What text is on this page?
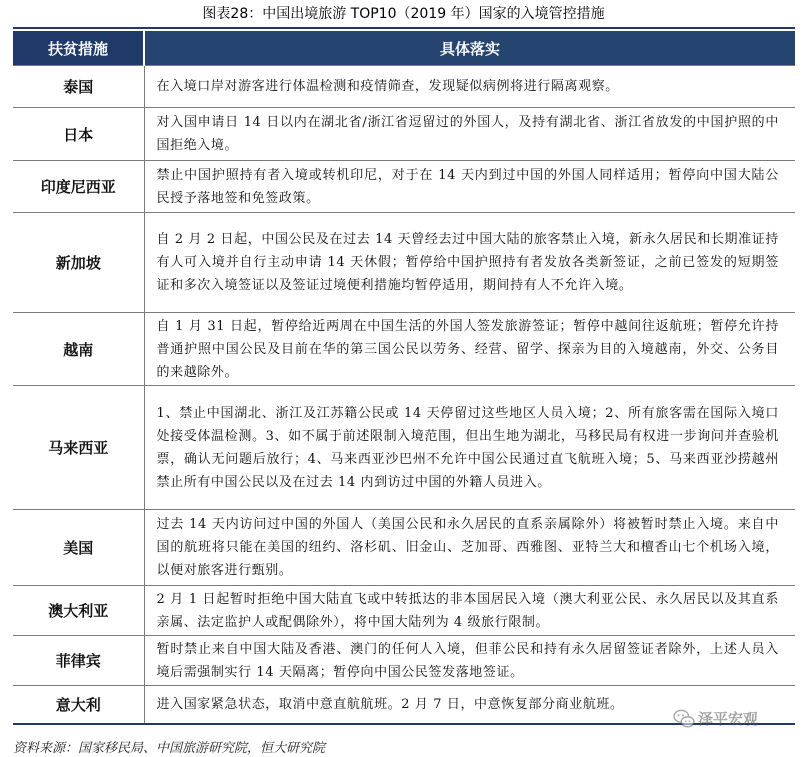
图表28：中国出境旅游 TOP10（2019 年）国家的入境管控措施
扶贫措施	具体落实
泰国	在入境口岸对游客进行体温检测和疫情筛查，发现疑似病例将进行隔离观察。
日本	对入国申请日 14 日以内在湖北省/浙江省逗留过的外国人，及持有湖北省、浙江省放发的中国护照的中国拒绝入境。
印度尼西亚	禁止中国护照持有者入境或转机印尼，对于在 14 天内到过中国的外国人同样适用；暂停向中国大陆公民授予落地签和免签政策。
新加坡	自 2 月 2 日起，中国公民及在过去 14 天曾经去过中国大陆的旅客禁止入境，新永久居民和长期准证持有人可入境并自行主动申请 14 天休假；暂停给中国护照持有者发放各类新签证，之前已签发的短期签证和多次入境签证以及签证过境便利措施均暂停适用，期间持有人不允许入境。
越南	自 1 月 31 日起，暂停给近两周在中国生活的外国人签发旅游签证；暂停中越间往返航班；暂停允许持普通护照中国公民及目前在华的第三国公民以劳务、经营、留学、探亲为目的入境越南，外交、公务目的来越除外。
马来西亚	1、禁止中国湖北、浙江及江苏籍公民或 14 天停留过这些地区人员入境；2、所有旅客需在国际入境口处接受体温检测。3、如不属于前述限制入境范围，但出生地为湖北，马移民局有权进一步询问并查验机票，确认无问题后放行；4、马来西亚沙巴州不允许中国公民通过直飞航班入境；5、马来西亚沙捞越州禁止所有中国公民以及在过去 14 内到访过中国的外籍人员进入。
美国	过去 14 天内访问过中国的外国人（美国公民和永久居民的直系亲属除外）将被暂时禁止入境。来自中国的航班将只能在美国的纽约、洛杉矶、旧金山、芝加哥、西雅图、亚特兰大和檀香山七个机场入境，以便对旅客进行甄别。
澳大利亚	2 月 1 日起暂时拒绝中国大陆直飞或中转抵达的非本国居民入境（澳大利亚公民、永久居民以及其直系亲属、法定监护人或配偶除外），将中国大陆列为 4 级旅行限制。
菲律宾	暂时禁止来自中国大陆及香港、澳门的任何人入境，但菲公民和持有永久居留签证者除外，上述人员入境后需强制实行 14 天隔离；暂停向中国公民签发落地签证。
意大利	进入国家紧急状态，取消中意直航航班。2 月 7 日，中意恢复部分商业航班。
资料来源：国家移民局、中国旅游研究院，恒大研究院
泽平宏观
